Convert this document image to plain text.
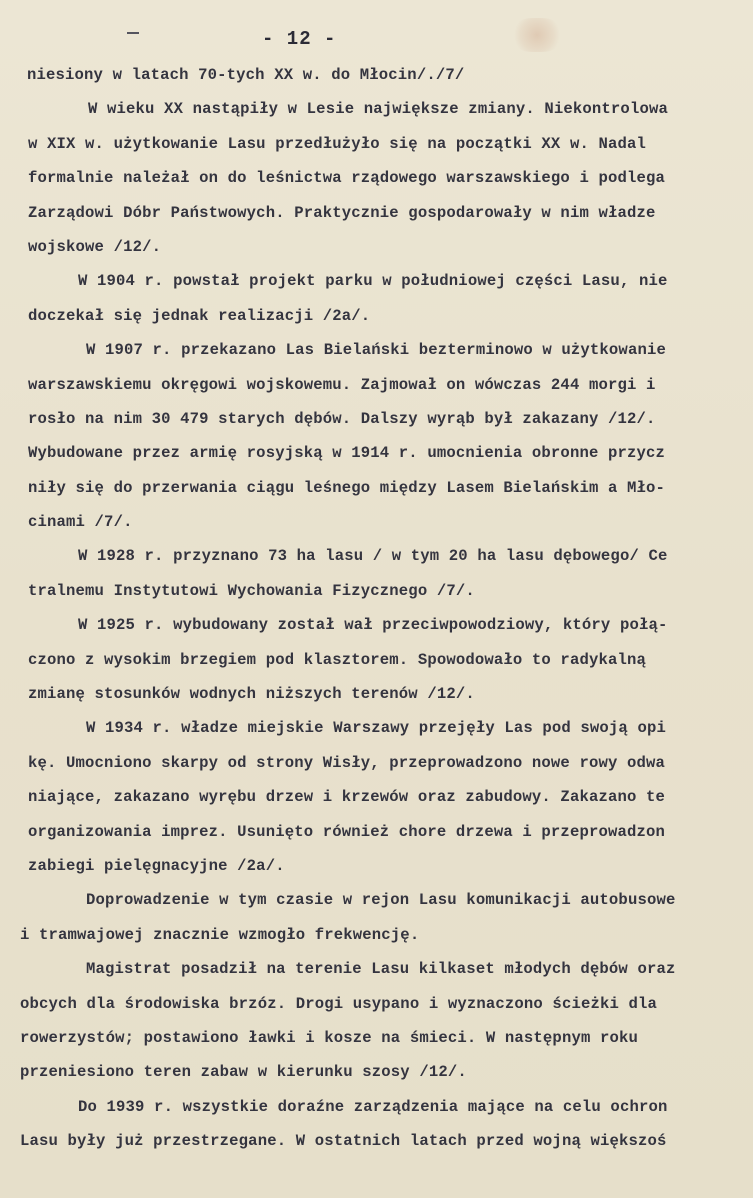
- 12 -
niesiony w latach 70-tych XX w. do Młocin/./7/
W wieku XX nastąpiły w Lesie największe zmiany. Niekontrolowa
w XIX w. użytkowanie Lasu przedłużyło się na początki XX w. Nadal
formalnie należał on do leśnictwa rządowego warszawskiego i podlega
Zarządowi Dóbr Państwowych. Praktycznie gospodarowały w nim władze
wojskowe /12/.
W 1904 r. powstał projekt parku w południowej części Lasu, nie
doczekał się jednak realizacji /2a/.
W 1907 r. przekazano Las Bielański bezterminowo w użytkowanie
warszawskiemu okręgowi wojskowemu. Zajmował on wówczas 244 morgi i
rosło na nim 30 479 starych dębów. Dalszy wyrąb był zakazany /12/.
Wybudowane przez armię rosyjską w 1914 r. umocnienia obronne przycz
niły się do przerwania ciągu leśnego między Lasem Bielańskim a Mło-
cinami /7/.
W 1928 r. przyznano 73 ha lasu / w tym 20 ha lasu dębowego/ Ce
tralnemu Instytutowi Wychowania Fizycznego /7/.
W 1925 r. wybudowany został wał przeciwpowodziowy, który połą-
czono z wysokim brzegiem pod klasztorem. Spowodowało to radykalną
zmianę stosunków wodnych niższych terenów /12/.
W 1934 r. władze miejskie Warszawy przejęły Las pod swoją opi
kę. Umocniono skarpy od strony Wisły, przeprowadzono nowe rowy odwa
niające, zakazano wyrębu drzew i krzewów oraz zabudowy. Zakazano te
organizowania imprez. Usunięto również chore drzewa i przeprowadzon
zabiegi pielęgnacyjne /2a/.
Doprowadzenie w tym czasie w rejon Lasu komunikacji autobusowe
i tramwajowej znacznie wzmogło frekwencję.
Magistrat posadził na terenie Lasu kilkaset młodych dębów oraz
obcych dla środowiska brzóz. Drogi usypano i wyznaczono ścieżki dla
rowerzystów; postawiono ławki i kosze na śmieci. W następnym roku
przeniesiono teren zabaw w kierunku szosy /12/.
Do 1939 r. wszystkie doraźne zarządzenia mające na celu ochron
Lasu były już przestrzegane. W ostatnich latach przed wojną większoś
